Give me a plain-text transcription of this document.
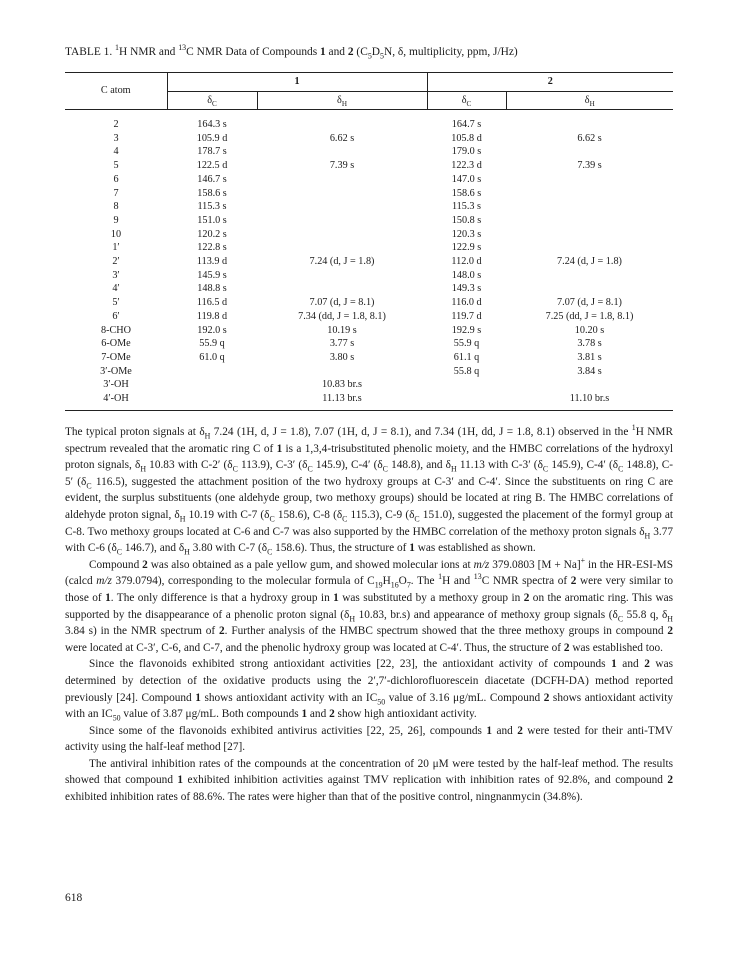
TABLE 1. $^1$H NMR and $^{13}$C NMR Data of Compounds 1 and 2 ($C_5D_5N$, δ, multiplicity, ppm, J/Hz)
C atom	1		2	
	$\delta_C$	$\delta_H$	$\delta_C$	$\delta_H$
2	164.3 s		164.7 s	
3	105.9 d	6.62 s	105.8 d	6.62 s
4	178.7 s		179.0 s	
5	122.5 d	7.39 s	122.3 d	7.39 s
6	146.7 s		147.0 s	
7	158.6 s		158.6 s	
8	115.3 s		115.3 s	
9	151.0 s		150.8 s	
10	120.2 s		120.3 s	
1′	122.8 s		122.9 s	
2′	113.9 d	7.24 (d, J = 1.8)	112.0 d	7.24 (d, J = 1.8)
3′	145.9 s		148.0 s	
4′	148.8 s		149.3 s	
5′	116.5 d	7.07 (d, J = 8.1)	116.0 d	7.07 (d, J = 8.1)
6′	119.8 d	7.34 (dd, J = 1.8, 8.1)	119.7 d	7.25 (dd, J = 1.8, 8.1)
8-CHO	192.0 s	10.19 s	192.9 s	10.20 s
6-OMe	55.9 q	3.77 s	55.9 q	3.78 s
7-OMe	61.0 q	3.80 s	61.1 q	3.81 s
3′-OMe			55.8 q	3.84 s
3′-OH		10.83 br.s		
4′-OH		11.13 br.s		11.10 br.s

The typical proton signals at $\delta_H$ 7.24 (1H, d, J = 1.8), 7.07 (1H, d, J = 8.1), and 7.34 (1H, dd, J = 1.8, 8.1) observed in the $^1$H NMR spectrum revealed that the aromatic ring C of 1 is a 1,3,4-trisubstituted phenolic moiety, and the HMBC correlations of the hydroxyl proton signals, $\delta_H$ 10.83 with C-2′ ($\delta_C$ 113.9), C-3′ ($\delta_C$ 145.9), C-4′ ($\delta_C$ 148.8), and $\delta_H$ 11.13 with C-3′ ($\delta_C$ 145.9), C-4′ ($\delta_C$ 148.8), C-5′ ($\delta_C$ 116.5), suggested the attachment position of the two hydroxy groups at C-3′ and C-4′. Since the substituents on ring C are evident, the surplus substituents (one aldehyde group, two methoxy groups) should be located at ring B. The HMBC correlations of aldehyde proton signal, $\delta_H$ 10.19 with C-7 ($\delta_C$ 158.6), C-8 ($\delta_C$ 115.3), C-9 ($\delta_C$ 151.0), suggested the placement of the formyl group at C-8. Two methoxy groups located at C-6 and C-7 was also supported by the HMBC correlation of the methoxy proton signals $\delta_H$ 3.77 with C-6 ($\delta_C$ 146.7), and $\delta_H$ 3.80 with C-7 ($\delta_C$ 158.6). Thus, the structure of 1 was established as shown.

Compound 2 was also obtained as a pale yellow gum, and showed molecular ions at m/z 379.0803 [M + Na]+ in the HR-ESI-MS (calcd m/z 379.0794), corresponding to the molecular formula of $C_{19}H_{16}O_7$. The $^1$H and $^{13}$C NMR spectra of 2 were very similar to those of 1. The only difference is that a hydroxy group in 1 was substituted by a methoxy group in 2 on the aromatic ring. This was supported by the disappearance of a phenolic proton signal ($\delta_H$ 10.83, br.s) and appearance of methoxy group signals ($\delta_C$ 55.8 q, $\delta_H$ 3.84 s) in the NMR spectrum of 2. Further analysis of the HMBC spectrum showed that the three methoxy groups in compound 2 were located at C-3′, C-6, and C-7, and the phenolic hydroxy group was located at C-4′. Thus, the structure of 2 was established too.

Since the flavonoids exhibited strong antioxidant activities [22, 23], the antioxidant activity of compounds 1 and 2 was determined by detection of the oxidative products using the 2′,7′-dichlorofluorescein diacetate (DCFH-DA) method reported previously [24]. Compound 1 shows antioxidant activity with an $IC_{50}$ value of 3.16 μg/mL. Compound 2 shows antioxidant activity with an $IC_{50}$ value of 3.87 μg/mL. Both compounds 1 and 2 show high antioxidant activity.

Since some of the flavonoids exhibited antivirus activities [22, 25, 26], compounds 1 and 2 were tested for their anti-TMV activity using the half-leaf method [27].

The antiviral inhibition rates of the compounds at the concentration of 20 μM were tested by the half-leaf method. The results showed that compound 1 exhibited inhibition activities against TMV replication with inhibition rates of 92.8%, and compound 2 exhibited inhibition rates of 88.6%. The rates were higher than that of the positive control, ningnanmycin (34.8%).

618
